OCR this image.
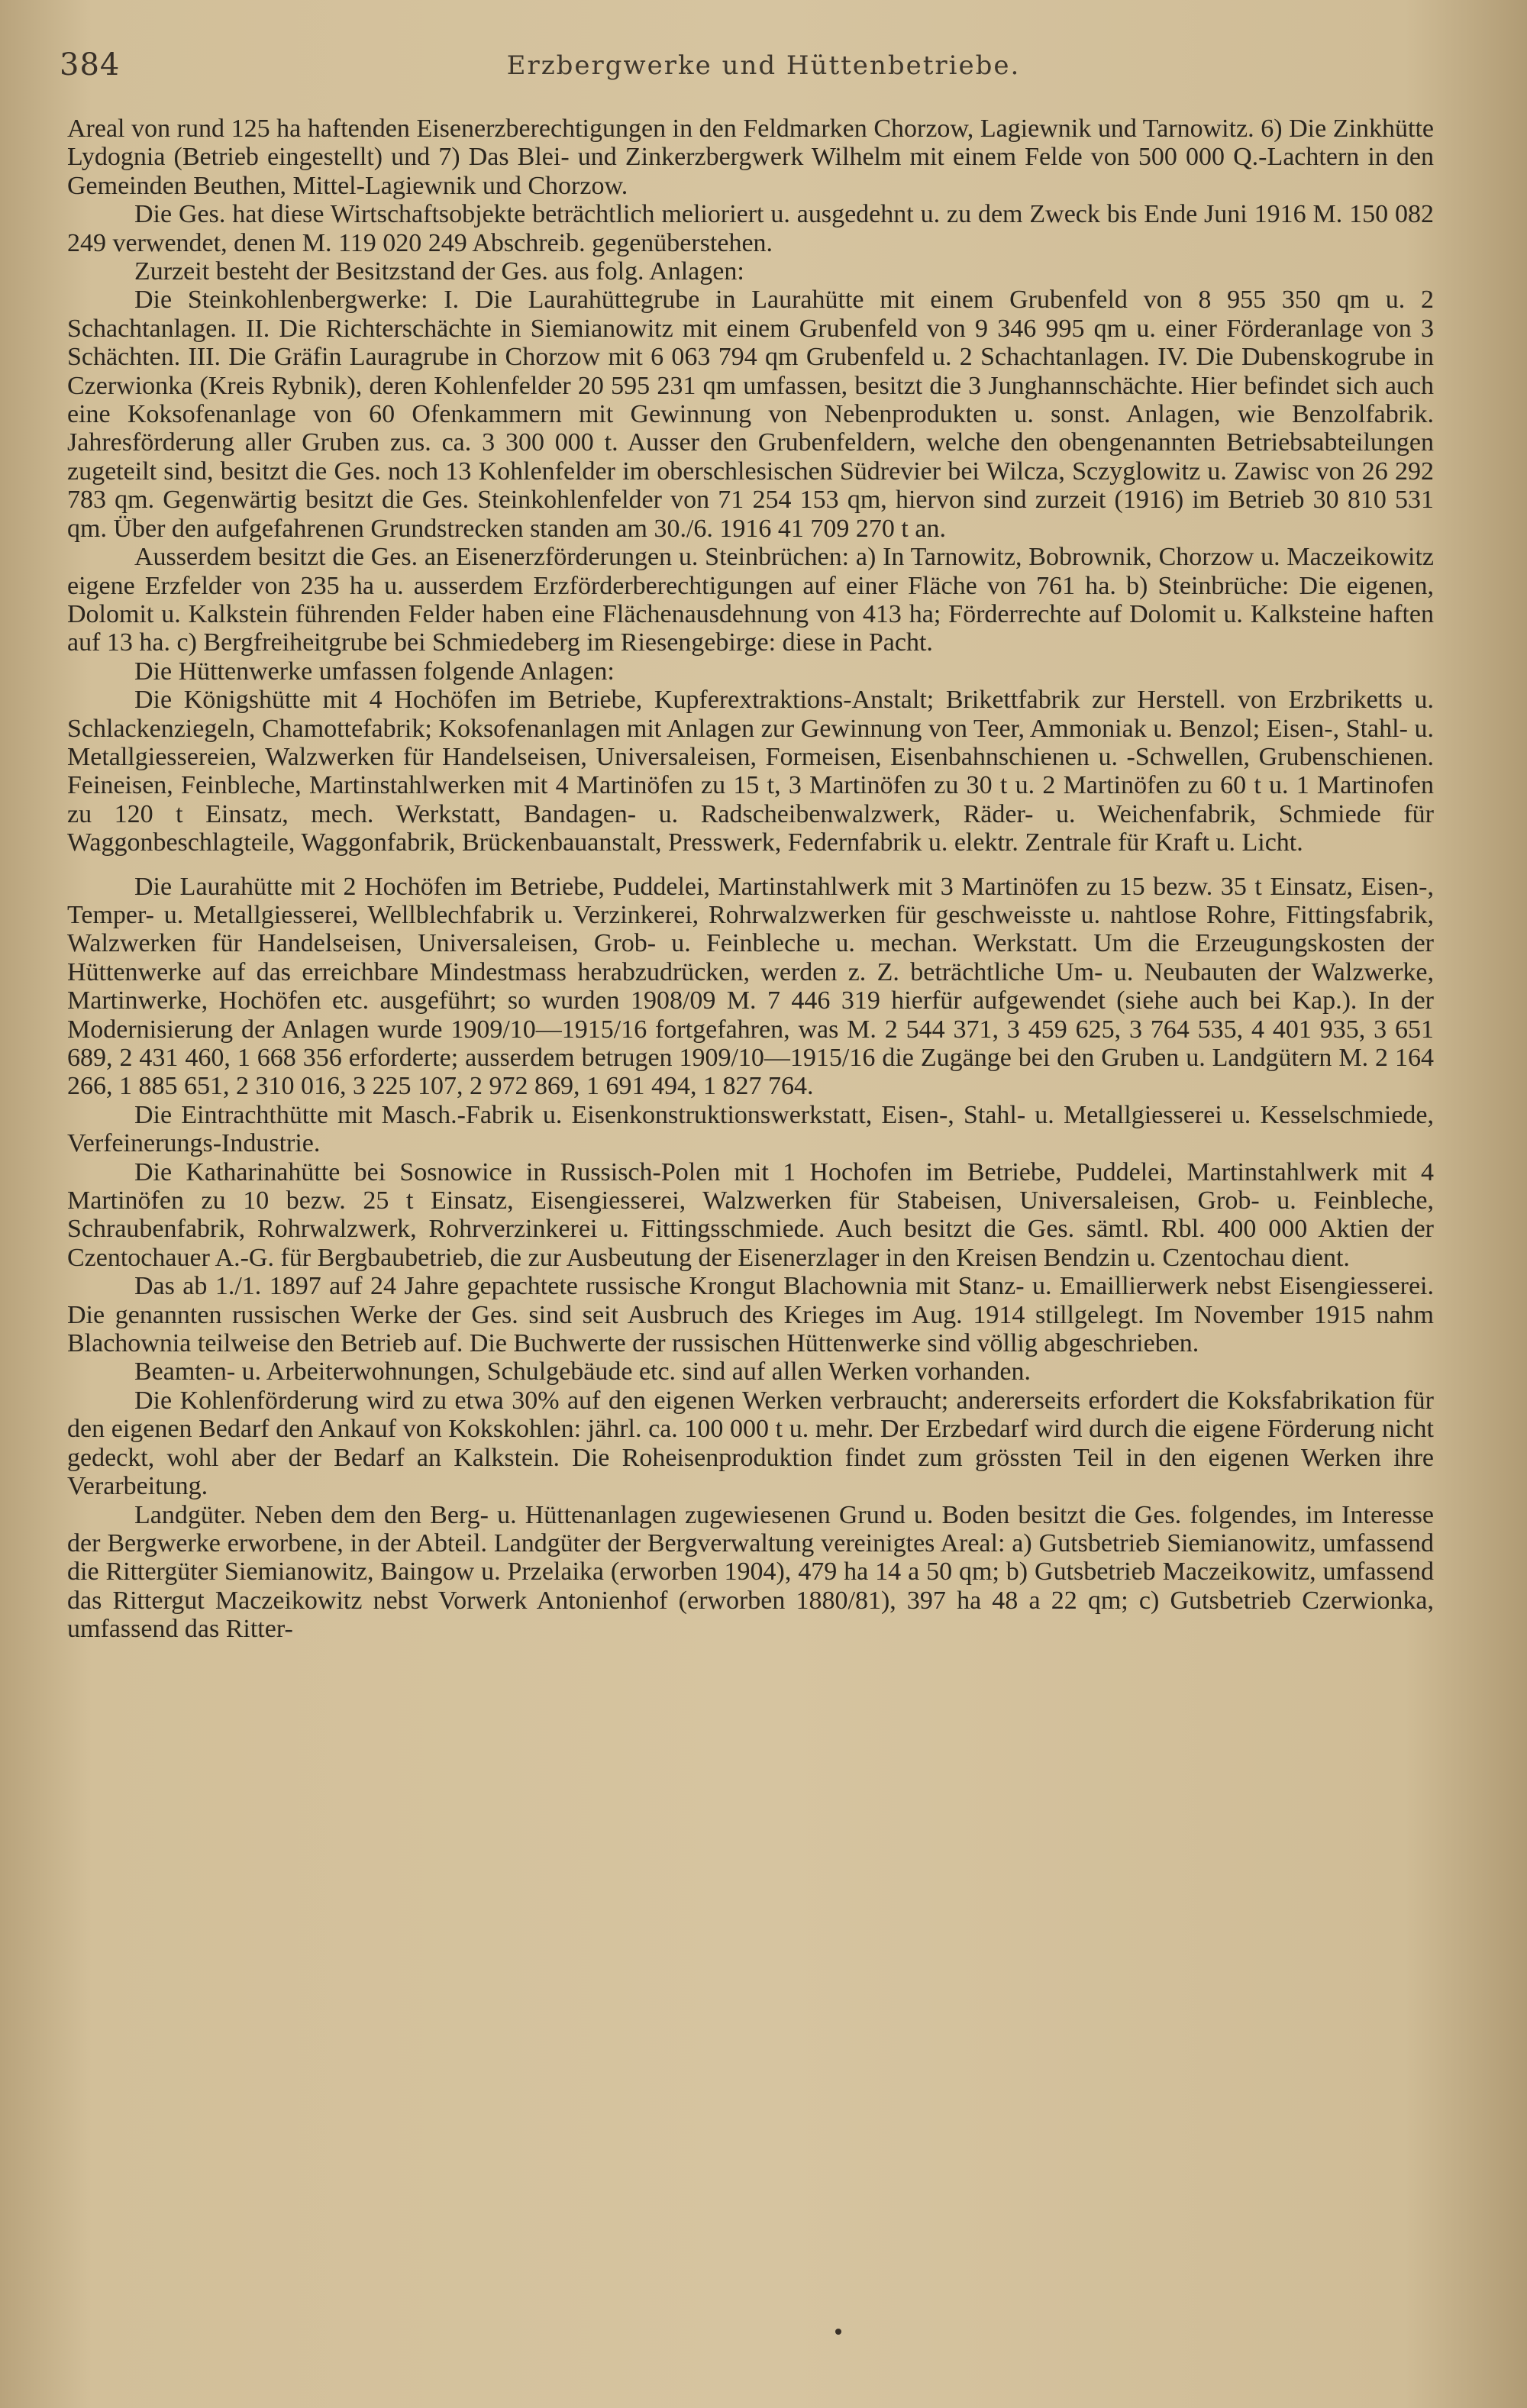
384	Erzbergwerke und Hüttenbetriebe.

Areal von rund 125 ha haftenden Eisenerzberechtigungen in den Feldmarken Chorzow, Lagiewnik und Tarnowitz. 6) Die Zinkhütte Lydognia (Betrieb eingestellt) und 7) Das Blei- und Zinkerzbergwerk Wilhelm mit einem Felde von 500 000 Q.-Lachtern in den Gemeinden Beuthen, Mittel-Lagiewnik und Chorzow.

Die Ges. hat diese Wirtschaftsobjekte beträchtlich melioriert u. ausgedehnt u. zu dem Zweck bis Ende Juni 1916 M. 150 082 249 verwendet, denen M. 119 020 249 Abschreib. gegenüberstehen.

Zurzeit besteht der Besitzstand der Ges. aus folg. Anlagen:

Die Steinkohlenbergwerke: I. Die Laurahüttegrube in Laurahütte mit einem Grubenfeld von 8 955 350 qm u. 2 Schachtanlagen. II. Die Richterschächte in Siemianowitz mit einem Grubenfeld von 9 346 995 qm u. einer Förderanlage von 3 Schächten. III. Die Gräfin Lauragrube in Chorzow mit 6 063 794 qm Grubenfeld u. 2 Schachtanlagen. IV. Die Dubenskogrube in Czerwionka (Kreis Rybnik), deren Kohlenfelder 20 595 231 qm umfassen, besitzt die 3 Junghannschächte. Hier befindet sich auch eine Koksofenanlage von 60 Ofenkammern mit Gewinnung von Nebenprodukten u. sonst. Anlagen, wie Benzolfabrik. Jahresförderung aller Gruben zus. ca. 3 300 000 t. Ausser den Grubenfeldern, welche den obengenannten Betriebsabteilungen zugeteilt sind, besitzt die Ges. noch 13 Kohlenfelder im oberschlesischen Südrevier bei Wilcza, Sczyglowitz u. Zawisc von 26 292 783 qm. Gegenwärtig besitzt die Ges. Steinkohlenfelder von 71 254 153 qm, hiervon sind zurzeit (1916) im Betrieb 30 810 531 qm. Über den aufgefahrenen Grundstrecken standen am 30./6. 1916 41 709 270 t an.

Ausserdem besitzt die Ges. an Eisenerzförderungen u. Steinbrüchen: a) In Tarnowitz, Bobrownik, Chorzow u. Maczeikowitz eigene Erzfelder von 235 ha u. ausserdem Erzförderberechtigungen auf einer Fläche von 761 ha. b) Steinbrüche: Die eigenen, Dolomit u. Kalkstein führenden Felder haben eine Flächenausdehnung von 413 ha; Förderrechte auf Dolomit u. Kalksteine haften auf 13 ha. c) Bergfreiheitgrube bei Schmiedeberg im Riesengebirge: diese in Pacht.

Die Hüttenwerke umfassen folgende Anlagen:

Die Königshütte mit 4 Hochöfen im Betriebe, Kupferextraktions-Anstalt; Brikettfabrik zur Herstell. von Erzbriketts u. Schlackenziegeln, Chamottefabrik; Koksofenanlagen mit Anlagen zur Gewinnung von Teer, Ammoniak u. Benzol; Eisen-, Stahl- u. Metallgiessereien, Walzwerken für Handelseisen, Universaleisen, Formeisen, Eisenbahnschienen u. -Schwellen, Grubenschienen. Feineisen, Feinbleche, Martinstahlwerken mit 4 Martinöfen zu 15 t, 3 Martinöfen zu 30 t u. 2 Martinöfen zu 60 t u. 1 Martinofen zu 120 t Einsatz, mech. Werkstatt, Bandagen- u. Radscheibenwalzwerk, Räder- u. Weichenfabrik, Schmiede für Waggonbeschlagteile, Waggonfabrik, Brückenbauanstalt, Presswerk, Federnfabrik u. elektr. Zentrale für Kraft u. Licht.

Die Laurahütte mit 2 Hochöfen im Betriebe, Puddelei, Martinstahlwerk mit 3 Martinöfen zu 15 bezw. 35 t Einsatz, Eisen-, Temper- u. Metallgiesserei, Wellblechfabrik u. Verzinkerei, Rohrwalzwerken für geschweisste u. nahtlose Rohre, Fittingsfabrik, Walzwerken für Handelseisen, Universaleisen, Grob- u. Feinbleche u. mechan. Werkstatt. Um die Erzeugungskosten der Hüttenwerke auf das erreichbare Mindestmass herabzudrücken, werden z. Z. beträchtliche Um- u. Neubauten der Walzwerke, Martinwerke, Hochöfen etc. ausgeführt; so wurden 1908/09 M. 7 446 319 hierfür aufgewendet (siehe auch bei Kap.). In der Modernisierung der Anlagen wurde 1909/10—1915/16 fortgefahren, was M. 2 544 371, 3 459 625, 3 764 535, 4 401 935, 3 651 689, 2 431 460, 1 668 356 erforderte; ausserdem betrugen 1909/10—1915/16 die Zugänge bei den Gruben u. Landgütern M. 2 164 266, 1 885 651, 2 310 016, 3 225 107, 2 972 869, 1 691 494, 1 827 764.

Die Eintrachthütte mit Masch.-Fabrik u. Eisenkonstruktionswerkstatt, Eisen-, Stahl- u. Metallgiesserei u. Kesselschmiede, Verfeinerungs-Industrie.

Die Katharinahütte bei Sosnowice in Russisch-Polen mit 1 Hochofen im Betriebe, Puddelei, Martinstahlwerk mit 4 Martinöfen zu 10 bezw. 25 t Einsatz, Eisengiesserei, Walzwerken für Stabeisen, Universaleisen, Grob- u. Feinbleche, Schraubenfabrik, Rohrwalzwerk, Rohrverzinkerei u. Fittingsschmiede. Auch besitzt die Ges. sämtl. Rbl. 400 000 Aktien der Czentochauer A.-G. für Bergbaubetrieb, die zur Ausbeutung der Eisenerzlager in den Kreisen Bendzin u. Czentochau dient.

Das ab 1./1. 1897 auf 24 Jahre gepachtete russische Krongut Blachownia mit Stanz- u. Emaillierwerk nebst Eisengiesserei. Die genannten russischen Werke der Ges. sind seit Ausbruch des Krieges im Aug. 1914 stillgelegt. Im November 1915 nahm Blachownia teilweise den Betrieb auf. Die Buchwerte der russischen Hüttenwerke sind völlig abgeschrieben.

Beamten- u. Arbeiterwohnungen, Schulgebäude etc. sind auf allen Werken vorhanden.

Die Kohlenförderung wird zu etwa 30% auf den eigenen Werken verbraucht; andererseits erfordert die Koksfabrikation für den eigenen Bedarf den Ankauf von Kokskohlen: jährl. ca. 100 000 t u. mehr. Der Erzbedarf wird durch die eigene Förderung nicht gedeckt, wohl aber der Bedarf an Kalkstein. Die Roheisenproduktion findet zum grössten Teil in den eigenen Werken ihre Verarbeitung.

Landgüter. Neben dem den Berg- u. Hüttenanlagen zugewiesenen Grund u. Boden besitzt die Ges. folgendes, im Interesse der Bergwerke erworbene, in der Abteil. Landgüter der Bergverwaltung vereinigtes Areal: a) Gutsbetrieb Siemianowitz, umfassend die Rittergüter Siemianowitz, Baingow u. Przelaika (erworben 1904), 479 ha 14 a 50 qm; b) Gutsbetrieb Maczeikowitz, umfassend das Rittergut Maczeikowitz nebst Vorwerk Antonienhof (erworben 1880/81), 397 ha 48 a 22 qm; c) Gutsbetrieb Czerwionka, umfassend das Ritter-
